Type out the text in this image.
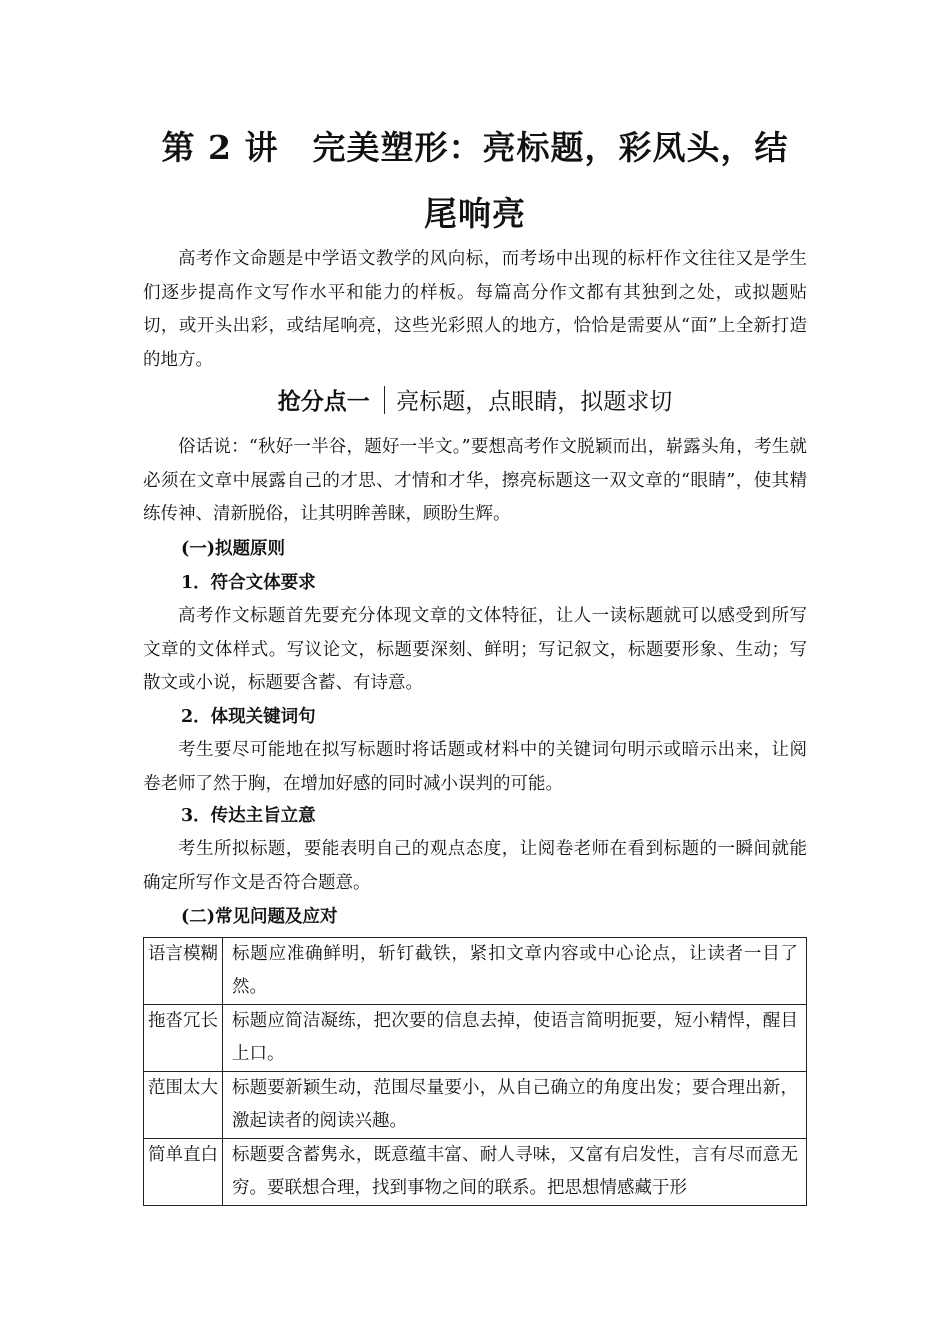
第 2 讲　完美塑形：亮标题，彩凤头，结
尾响亮

高考作文命题是中学语文教学的风向标，而考场中出现的标杆作文往往又是学生们逐步提高作文写作水平和能力的样板。每篇高分作文都有其独到之处，或拟题贴切，或开头出彩，或结尾响亮，这些光彩照人的地方，恰恰是需要从“面”上全新打造的地方。

抢分点一 亮标题，点眼睛，拟题求切

俗话说：“秋好一半谷，题好一半文。”要想高考作文脱颖而出，崭露头角，考生就必须在文章中展露自己的才思、才情和才华，擦亮标题这一双文章的“眼睛”，使其精练传神、清新脱俗，让其明眸善睐，顾盼生辉。

(一)拟题原则
1．符合文体要求

高考作文标题首先要充分体现文章的文体特征，让人一读标题就可以感受到所写文章的文体样式。写议论文，标题要深刻、鲜明；写记叙文，标题要形象、生动；写散文或小说，标题要含蓄、有诗意。

2．体现关键词句

考生要尽可能地在拟写标题时将话题或材料中的关键词句明示或暗示出来，让阅卷老师了然于胸，在增加好感的同时减小误判的可能。

3．传达主旨立意

考生所拟标题，要能表明自己的观点态度，让阅卷老师在看到标题的一瞬间就能确定所写作文是否符合题意。

(二)常见问题及应对
语言模糊	标题应准确鲜明，斩钉截铁，紧扣文章内容或中心论点，让读者一目了然。
拖沓冗长	标题应简洁凝练，把次要的信息去掉，使语言简明扼要，短小精悍，醒目上口。
范围太大	标题要新颖生动，范围尽量要小，从自己确立的角度出发；要合理出新，激起读者的阅读兴趣。
简单直白	标题要含蓄隽永，既意蕴丰富、耐人寻味，又富有启发性，言有尽而意无穷。要联想合理，找到事物之间的联系。把思想情感藏于形
